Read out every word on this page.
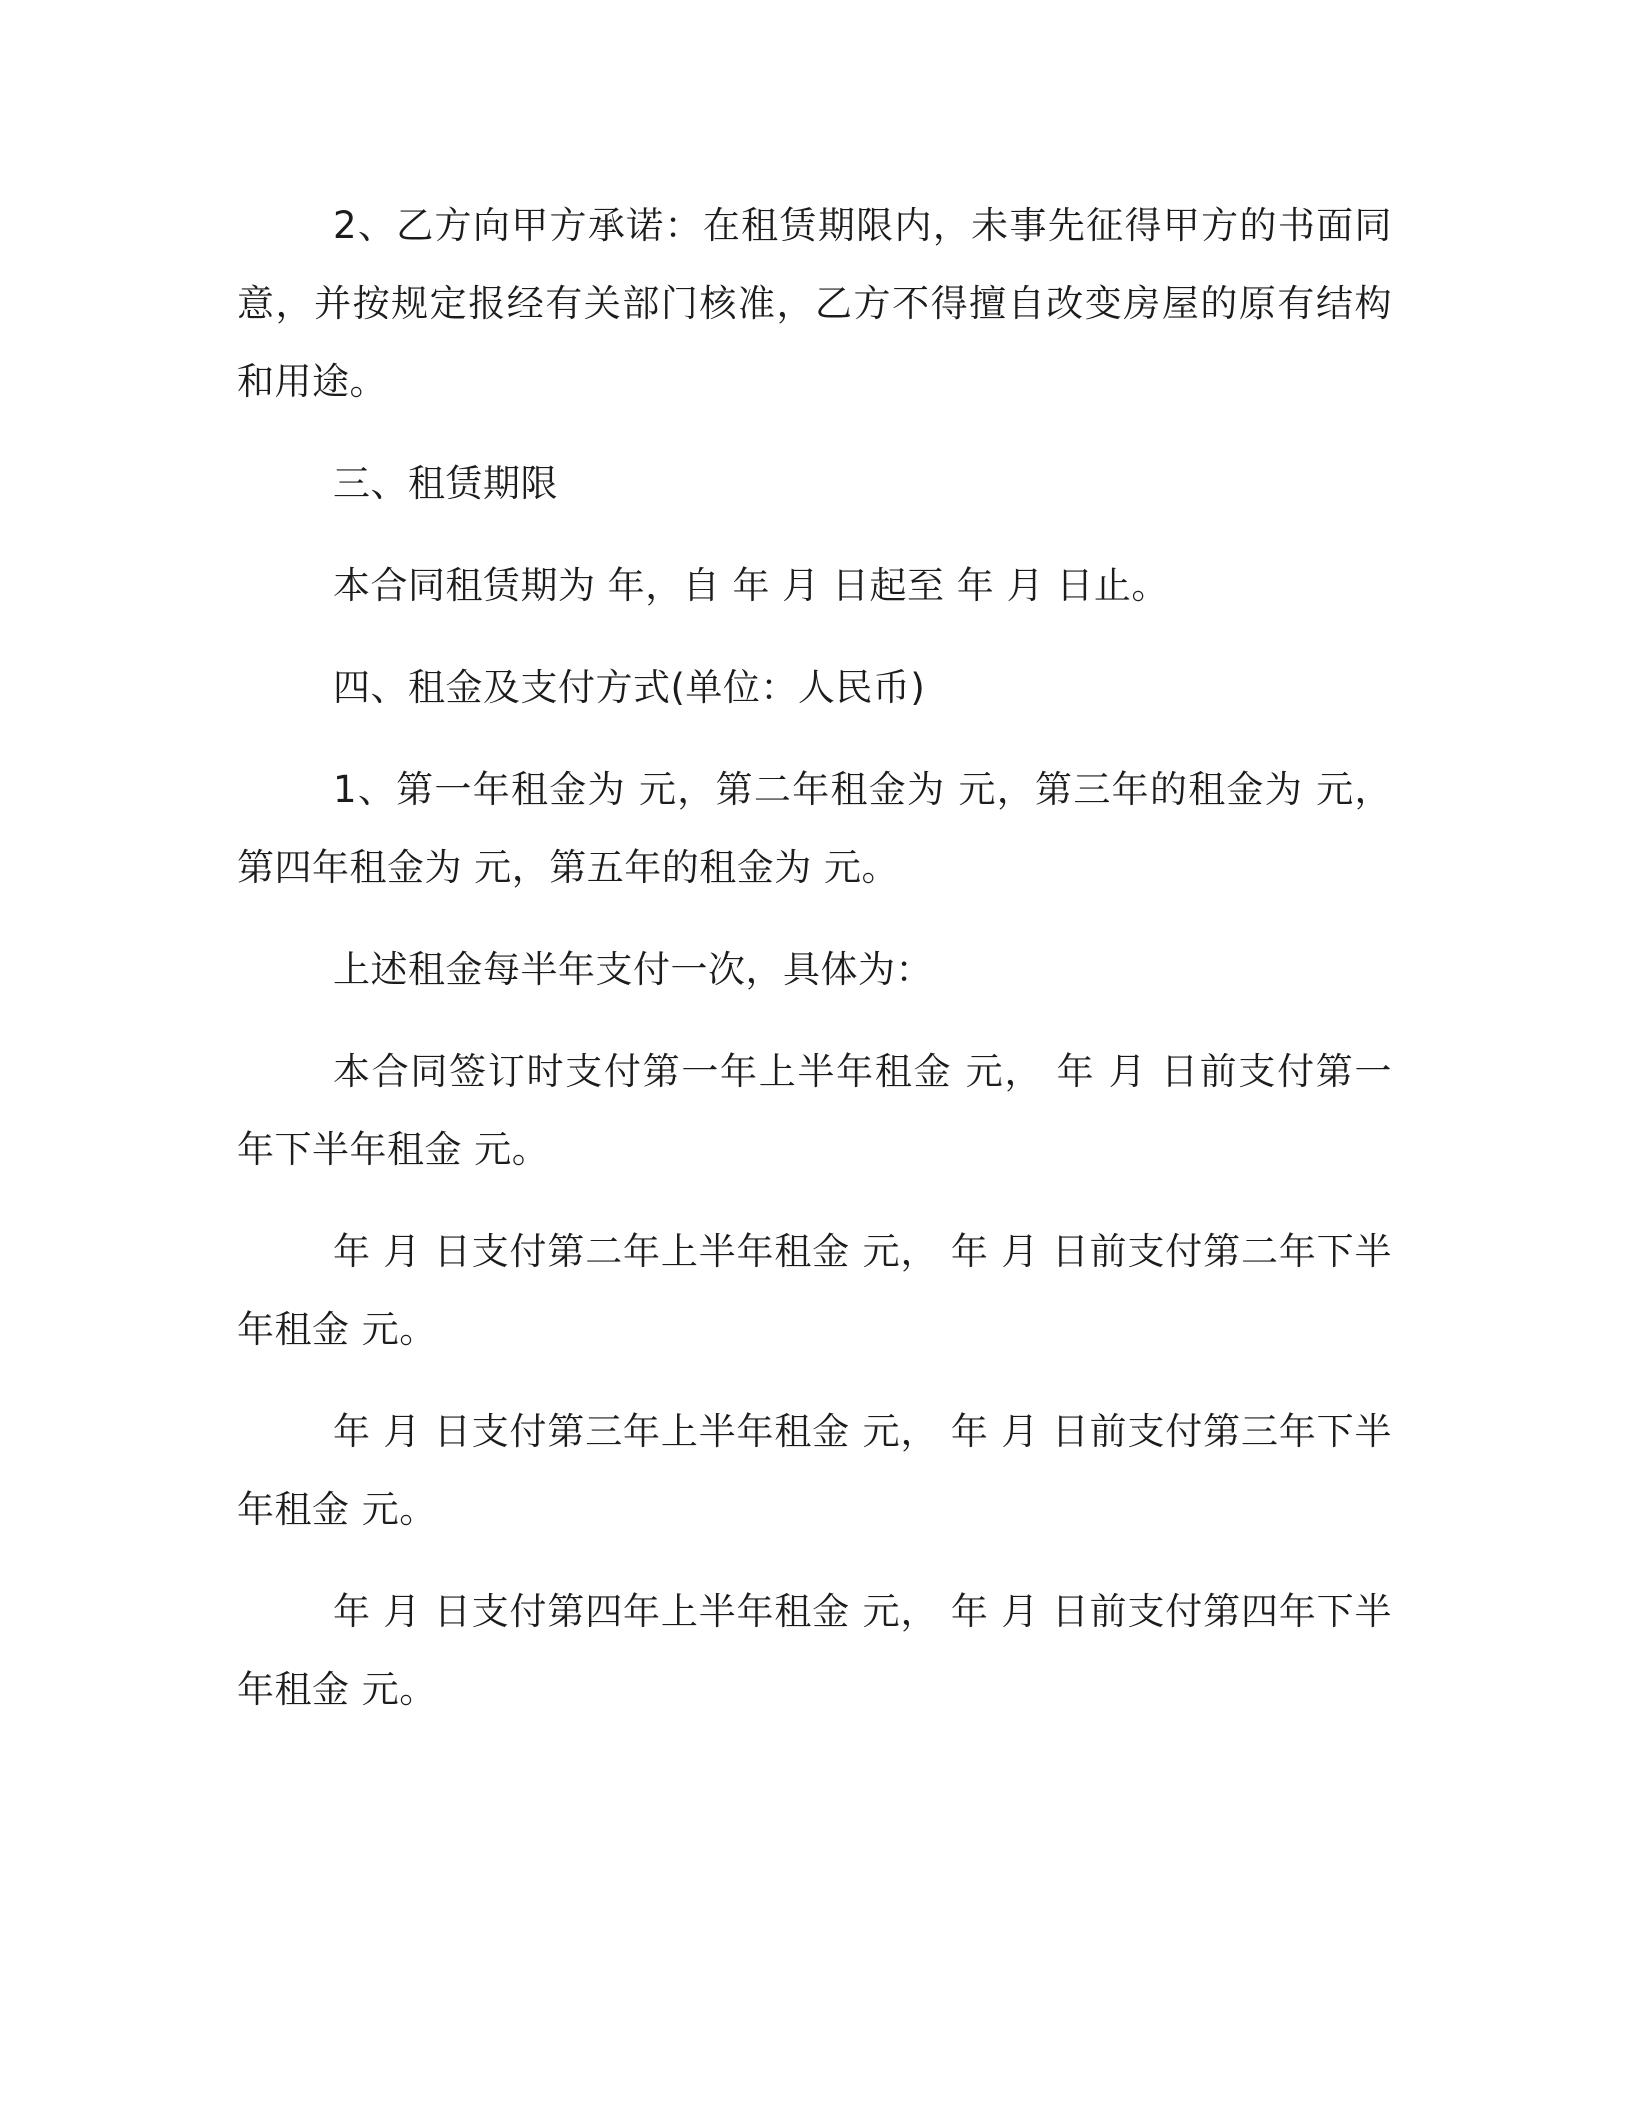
2、乙方向甲方承诺：在租赁期限内，未事先征得甲方的书面同意，并按规定报经有关部门核准，乙方不得擅自改变房屋的原有结构和用途。

三、租赁期限

本合同租赁期为 年，自 年 月 日起至 年 月 日止。

四、租金及支付方式(单位：人民币)

1、第一年租金为 元，第二年租金为 元，第三年的租金为 元，第四年租金为 元，第五年的租金为 元。

上述租金每半年支付一次，具体为：

本合同签订时支付第一年上半年租金 元， 年 月 日前支付第一年下半年租金 元。

年 月 日支付第二年上半年租金 元， 年 月 日前支付第二年下半年租金 元。

年 月 日支付第三年上半年租金 元， 年 月 日前支付第三年下半年租金 元。

年 月 日支付第四年上半年租金 元， 年 月 日前支付第四年下半年租金 元。
